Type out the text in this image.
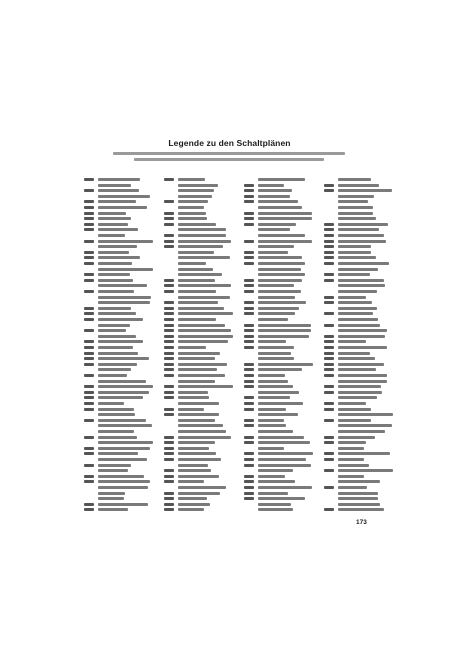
Legende zu den Schaltplänen
173
